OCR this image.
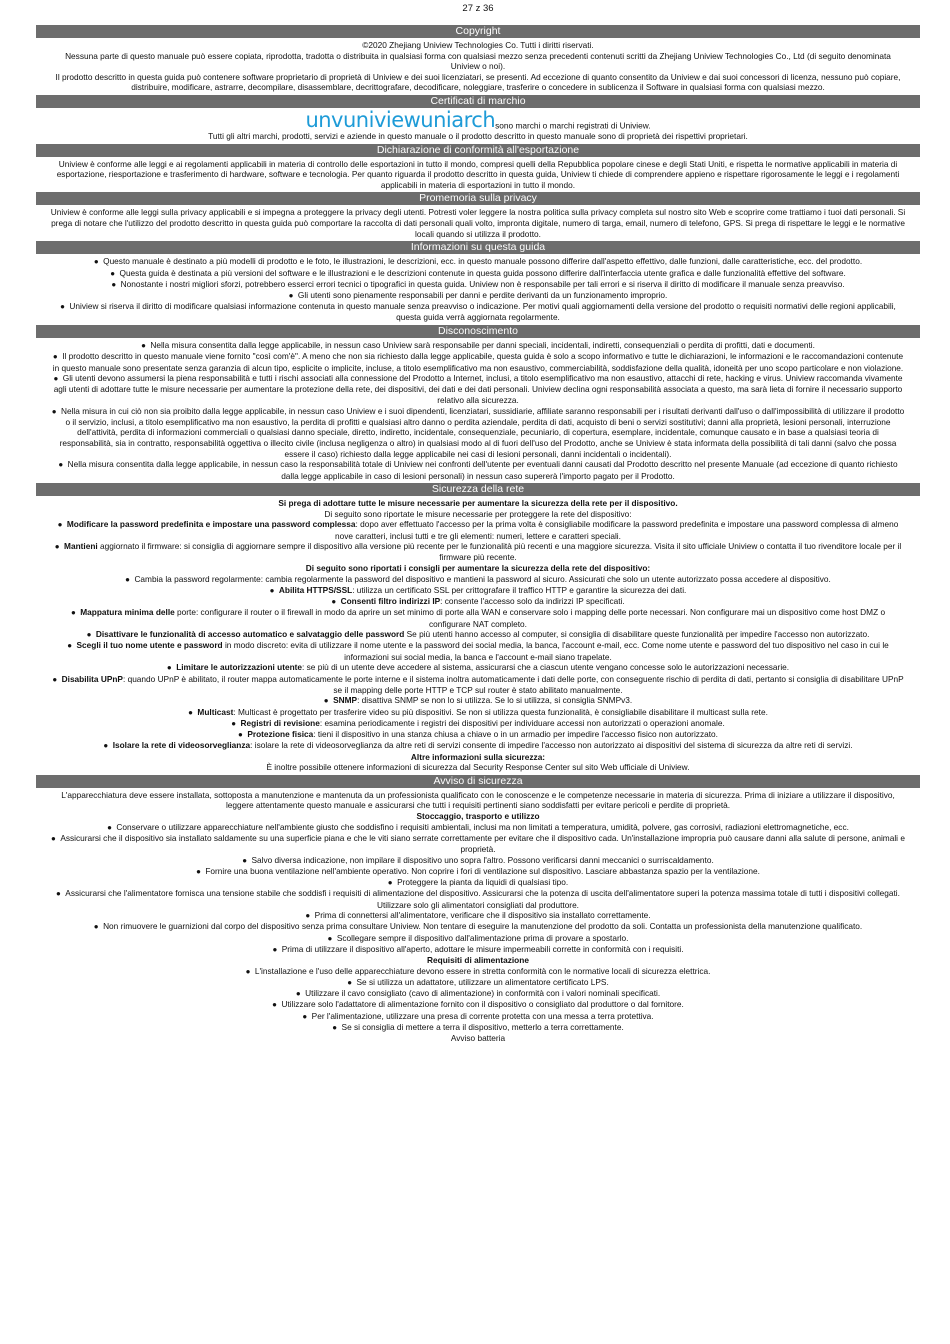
27 z 36
Copyright

©2020 Zhejiang Uniview Technologies Co. Tutti i diritti riservati.

Nessuna parte di questo manuale può essere copiata, riprodotta, tradotta o distribuita in qualsiasi forma con qualsiasi mezzo senza precedenti contenuti scritti da Zhejiang Uniview Technologies Co., Ltd (di seguito denominata Uniview o noi).

Il prodotto descritto in questa guida può contenere software proprietario di proprietà di Uniview e dei suoi licenziatari, se presenti. Ad eccezione di quanto consentito da Uniview e dai suoi concessori di licenza, nessuno può copiare, distribuire, modificare, astrarre, decompilare, disassemblare, decrittografare, decodificare, noleggiare, trasferire o concedere in sublicenza il Software in qualsiasi forma con qualsiasi mezzo.

Certificati di marchio
unvuniviewuniarchsono marchi o marchi registrati di Uniview.

Tutti gli altri marchi, prodotti, servizi e aziende in questo manuale o il prodotto descritto in questo manuale sono di proprietà dei rispettivi proprietari.

Dichiarazione di conformità all'esportazione

Uniview è conforme alle leggi e ai regolamenti applicabili in materia di controllo delle esportazioni in tutto il mondo, compresi quelli della Repubblica popolare cinese e degli Stati Uniti, e rispetta le normative applicabili in materia di esportazione, riesportazione e trasferimento di hardware, software e tecnologia. Per quanto riguarda il prodotto descritto in questa guida, Uniview ti chiede di comprendere appieno e rispettare rigorosamente le leggi e i regolamenti applicabili in materia di esportazioni in tutto il mondo.

Promemoria sulla privacy

Uniview è conforme alle leggi sulla privacy applicabili e si impegna a proteggere la privacy degli utenti. Potresti voler leggere la nostra politica sulla privacy completa sul nostro sito Web e scoprire come trattiamo i tuoi dati personali. Si prega di notare che l'utilizzo del prodotto descritto in questa guida può comportare la raccolta di dati personali quali volto, impronta digitale, numero di targa, email, numero di telefono, GPS. Si prega di rispettare le leggi e le normative locali quando si utilizza il prodotto.

Informazioni su questa guida

●  Questo manuale è destinato a più modelli di prodotto e le foto, le illustrazioni, le descrizioni, ecc. in questo manuale possono differire dall'aspetto effettivo, dalle funzioni, dalle caratteristiche, ecc. del prodotto.

●  Questa guida è destinata a più versioni del software e le illustrazioni e le descrizioni contenute in questa guida possono differire dall'interfaccia utente grafica e dalle funzionalità effettive del software.

●  Nonostante i nostri migliori sforzi, potrebbero esserci errori tecnici o tipografici in questa guida. Uniview non è responsabile per tali errori e si riserva il diritto di modificare il manuale senza preavviso.

●  Gli utenti sono pienamente responsabili per danni e perdite derivanti da un funzionamento improprio.

●  Uniview si riserva il diritto di modificare qualsiasi informazione contenuta in questo manuale senza preavviso o indicazione. Per motivi quali aggiornamenti della versione del prodotto o requisiti normativi delle regioni applicabili, questa guida verrà aggiornata regolarmente.

Disconoscimento

●  Nella misura consentita dalla legge applicabile, in nessun caso Uniview sarà responsabile per danni speciali, incidentali, indiretti, consequenziali o perdita di profitti, dati e documenti.

●  Il prodotto descritto in questo manuale viene fornito "così com'è". A meno che non sia richiesto dalla legge applicabile, questa guida è solo a scopo informativo e tutte le dichiarazioni, le informazioni e le raccomandazioni contenute in questo manuale sono presentate senza garanzia di alcun tipo, esplicite o implicite, incluse, a titolo esemplificativo ma non esaustivo, commerciabilità, soddisfazione della qualità, idoneità per uno scopo particolare e non violazione.

●  Gli utenti devono assumersi la piena responsabilità e tutti i rischi associati alla connessione del Prodotto a Internet, inclusi, a titolo esemplificativo ma non esaustivo, attacchi di rete, hacking e virus. Uniview raccomanda vivamente agli utenti di adottare tutte le misure necessarie per aumentare la protezione della rete, dei dispositivi, dei dati e dei dati personali. Uniview declina ogni responsabilità associata a questo, ma sarà lieta di fornire il necessario supporto relativo alla sicurezza.

●  Nella misura in cui ciò non sia proibito dalla legge applicabile, in nessun caso Uniview e i suoi dipendenti, licenziatari, sussidiarie, affiliate saranno responsabili per i risultati derivanti dall'uso o dall'impossibilità di utilizzare il prodotto o il servizio, inclusi, a titolo esemplificativo ma non esaustivo, la perdita di profitti e qualsiasi altro danno o perdita aziendale, perdita di dati, acquisto di beni o servizi sostitutivi; danni alla proprietà, lesioni personali, interruzione dell'attività, perdita di informazioni commerciali o qualsiasi danno speciale, diretto, indiretto, incidentale, consequenziale, pecuniario, di copertura, esemplare, incidentale, comunque causato e in base a qualsiasi teoria di responsabilità, sia in contratto, responsabilità oggettiva o illecito civile (inclusa negligenza o altro) in qualsiasi modo al di fuori dell'uso del Prodotto, anche se Uniview è stata informata della possibilità di tali danni (salvo che possa essere il caso) richiesto dalla legge applicabile nei casi di lesioni personali, danni incidentali o incidentali).

●  Nella misura consentita dalla legge applicabile, in nessun caso la responsabilità totale di Uniview nei confronti dell'utente per eventuali danni causati dal Prodotto descritto nel presente Manuale (ad eccezione di quanto richiesto dalla legge applicabile in caso di lesioni personali) in nessun caso supererà l'importo pagato per il Prodotto.

Sicurezza della rete

Si prega di adottare tutte le misure necessarie per aumentare la sicurezza della rete per il dispositivo.

Di seguito sono riportate le misure necessarie per proteggere la rete del dispositivo:

●  Modificare la password predefinita e impostare una password complessa: dopo aver effettuato l'accesso per la prima volta è consigliabile modificare la password predefinita e impostare una password complessa di almeno nove caratteri, inclusi tutti e tre gli elementi: numeri, lettere e caratteri speciali.

●  Mantieni aggiornato il firmware: si consiglia di aggiornare sempre il dispositivo alla versione più recente per le funzionalità più recenti e una maggiore sicurezza. Visita il sito ufficiale Uniview o contatta il tuo rivenditore locale per il firmware più recente.

Di seguito sono riportati i consigli per aumentare la sicurezza della rete del dispositivo:

●  Cambia la password regolarmente: cambia regolarmente la password del dispositivo e mantieni la password al sicuro. Assicurati che solo un utente autorizzato possa accedere al dispositivo.

●  Abilita HTTPS/SSL: utilizza un certificato SSL per crittografare il traffico HTTP e garantire la sicurezza dei dati.

●  Consenti filtro indirizzi IP: consente l'accesso solo da indirizzi IP specificati.

●  Mappatura minima delle porte: configurare il router o il firewall in modo da aprire un set minimo di porte alla WAN e conservare solo i mapping delle porte necessari. Non configurare mai un dispositivo come host DMZ o configurare NAT completo.

●  Disattivare le funzionalità di accesso automatico e salvataggio delle password Se più utenti hanno accesso al computer, si consiglia di disabilitare queste funzionalità per impedire l'accesso non autorizzato.

●  Scegli il tuo nome utente e password in modo discreto: evita di utilizzare il nome utente e la password dei social media, la banca, l'account e-mail, ecc. Come nome utente e password del tuo dispositivo nel caso in cui le informazioni sui social media, la banca e l'account e-mail siano trapelate.

●  Limitare le autorizzazioni utente: se più di un utente deve accedere al sistema, assicurarsi che a ciascun utente vengano concesse solo le autorizzazioni necessarie.

●  Disabilita UPnP: quando UPnP è abilitato, il router mappa automaticamente le porte interne e il sistema inoltra automaticamente i dati delle porte, con conseguente rischio di perdita di dati, pertanto si consiglia di disabilitare UPnP se il mapping delle porte HTTP e TCP sul router è stato abilitato manualmente.

●  SNMP: disattiva SNMP se non lo si utilizza. Se lo si utilizza, si consiglia SNMPv3.

●  Multicast: Multicast è progettato per trasferire video su più dispositivi. Se non si utilizza questa funzionalità, è consigliabile disabilitare il multicast sulla rete.

●  Registri di revisione: esamina periodicamente i registri dei dispositivi per individuare accessi non autorizzati o operazioni anomale.

●  Protezione fisica: tieni il dispositivo in una stanza chiusa a chiave o in un armadio per impedire l'accesso fisico non autorizzato.

●  Isolare la rete di videosorveglianza: isolare la rete di videosorveglianza da altre reti di servizi consente di impedire l'accesso non autorizzato ai dispositivi del sistema di sicurezza da altre reti di servizi.

Altre informazioni sulla sicurezza:

È inoltre possibile ottenere informazioni di sicurezza dal Security Response Center sul sito Web ufficiale di Uniview.

Avviso di sicurezza

L'apparecchiatura deve essere installata, sottoposta a manutenzione e mantenuta da un professionista qualificato con le conoscenze e le competenze necessarie in materia di sicurezza. Prima di iniziare a utilizzare il dispositivo, leggere attentamente questo manuale e assicurarsi che tutti i requisiti pertinenti siano soddisfatti per evitare pericoli e perdite di proprietà.

Stoccaggio, trasporto e utilizzo

●  Conservare o utilizzare apparecchiature nell'ambiente giusto che soddisfino i requisiti ambientali, inclusi ma non limitati a temperatura, umidità, polvere, gas corrosivi, radiazioni elettromagnetiche, ecc.

●  Assicurarsi che il dispositivo sia installato saldamente su una superficie piana e che le viti siano serrate correttamente per evitare che il dispositivo cada. Un'installazione impropria può causare danni alla salute di persone, animali e proprietà.

●  Salvo diversa indicazione, non impilare il dispositivo uno sopra l'altro. Possono verificarsi danni meccanici o surriscaldamento.

●  Fornire una buona ventilazione nell'ambiente operativo. Non coprire i fori di ventilazione sul dispositivo. Lasciare abbastanza spazio per la ventilazione.

●  Proteggere la pianta da liquidi di qualsiasi tipo.

●  Assicurarsi che l'alimentatore fornisca una tensione stabile che soddisfi i requisiti di alimentazione del dispositivo. Assicurarsi che la potenza di uscita dell'alimentatore superi la potenza massima totale di tutti i dispositivi collegati. Utilizzare solo gli alimentatori consigliati dal produttore.

●  Prima di connettersi all'alimentatore, verificare che il dispositivo sia installato correttamente.

●  Non rimuovere le guarnizioni dal corpo del dispositivo senza prima consultare Uniview. Non tentare di eseguire la manutenzione del prodotto da soli. Contatta un professionista della manutenzione qualificato.

●  Scollegare sempre il dispositivo dall'alimentazione prima di provare a spostarlo.

●  Prima di utilizzare il dispositivo all'aperto, adottare le misure impermeabili corrette in conformità con i requisiti.

Requisiti di alimentazione

●  L'installazione e l'uso delle apparecchiature devono essere in stretta conformità con le normative locali di sicurezza elettrica.

●  Se si utilizza un adattatore, utilizzare un alimentatore certificato LPS.

●  Utilizzare il cavo consigliato (cavo di alimentazione) in conformità con i valori nominali specificati.

●  Utilizzare solo l'adattatore di alimentazione fornito con il dispositivo o consigliato dal produttore o dal fornitore.

●  Per l'alimentazione, utilizzare una presa di corrente protetta con una messa a terra protettiva.

●  Se si consiglia di mettere a terra il dispositivo, metterlo a terra correttamente.

Avviso batteria
